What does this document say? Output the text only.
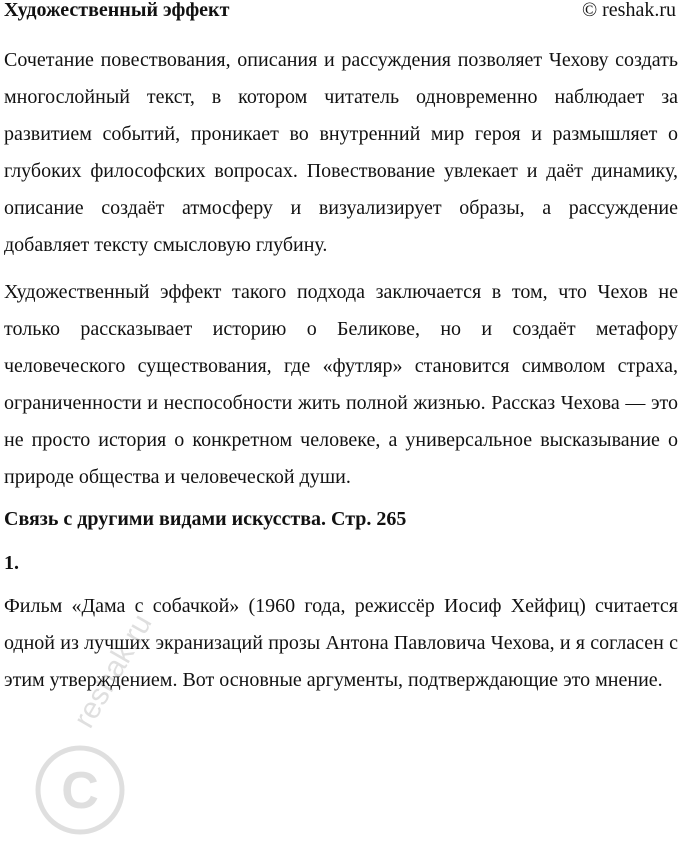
Художественный эффект	© reshak.ru

Сочетание повествования, описания и рассуждения позволяет Чехову создать многослойный текст, в котором читатель одновременно наблюдает за развитием событий, проникает во внутренний мир героя и размышляет о глубоких философских вопросах. Повествование увлекает и даёт динамику, описание создаёт атмосферу и визуализирует образы, а рассуждение добавляет тексту смысловую глубину.

Художественный эффект такого подхода заключается в том, что Чехов не только рассказывает историю о Беликове, но и создаёт метафору человеческого существования, где «футляр» становится символом страха, ограниченности и неспособности жить полной жизнью. Рассказ Чехова — это не просто история о конкретном человеке, а универсальное высказывание о природе общества и человеческой души.

Связь с другими видами искусства. Стр. 265
1.

Фильм «Дама с собачкой» (1960 года, режиссёр Иосиф Хейфиц) считается одной из лучших экранизаций прозы Антона Павловича Чехова, и я согласен с этим утверждением. Вот основные аргументы, подтверждающие это мнение.

C
reshak.ru
